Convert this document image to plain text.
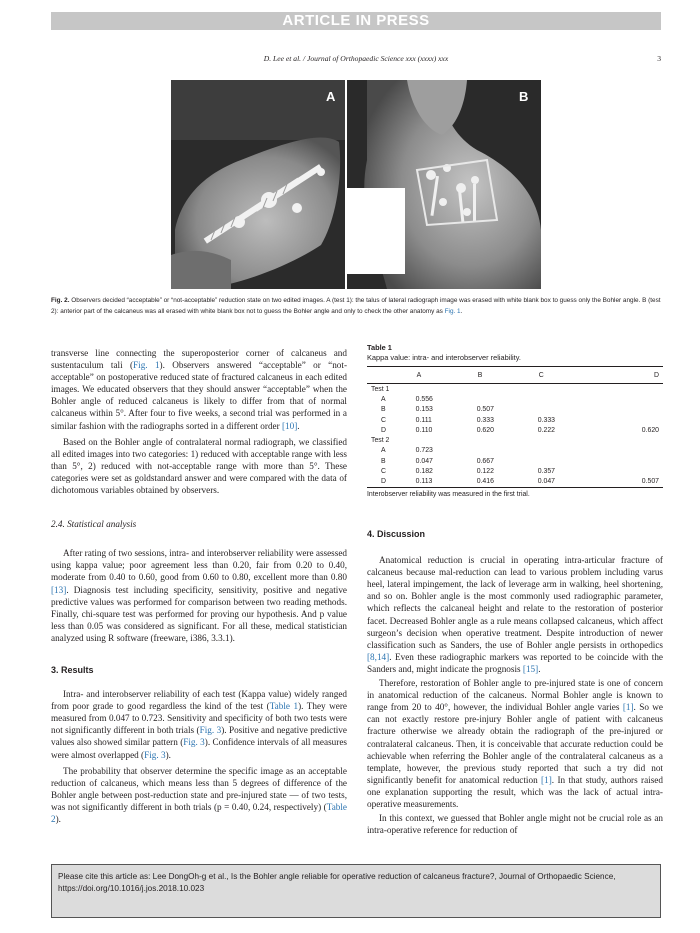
ARTICLE IN PRESS
D. Lee et al. / Journal of Orthopaedic Science xxx (xxxx) xxx	3
A	B
Fig. 2. Observers decided “acceptable” or “not-acceptable” reduction state on two edited images. A (test 1): the talus of lateral radiograph image was erased with white blank box to guess only the Bohler angle. B (test 2): anterior part of the calcaneus was all erased with white blank box not to guess the Bohler angle and only to check the other anatomy as Fig. 1.

transverse line connecting the superoposterior corner of calcaneus and sustentaculum tali (Fig. 1). Observers answered “acceptable” or “not-acceptable” on postoperative reduced state of fractured calcaneus in each edited images. We educated observers that they should answer “acceptable” when the Bohler angle of reduced calcaneus is likely to differ from that of normal calcaneus within 5°. After four to five weeks, a second trial was performed in a similar fashion with the radiographs sorted in a different order [10].

Based on the Bohler angle of contralateral normal radiograph, we classified all edited images into two categories: 1) reduced with acceptable range with less than 5°, 2) reduced with not-acceptable range with more than 5°. These categories were set as goldstandard answer and were compared with the data of dichotomous variables obtained by observers.

2.4. Statistical analysis

After rating of two sessions, intra- and interobserver reliability were assessed using kappa value; poor agreement less than 0.20, fair from 0.20 to 0.40, moderate from 0.40 to 0.60, good from 0.60 to 0.80, excellent more than 0.80 [13]. Diagnosis test including specificity, sensitivity, positive and negative predictive values was performed for comparison between two reading methods. Finally, chi-square test was performed for proving our hypothesis. And p value less than 0.05 was considered as significant. For all these, medical statistician analyzed using R software (freeware, i386, 3.3.1).

3. Results

Intra- and interobserver reliability of each test (Kappa value) widely ranged from poor grade to good regardless the kind of the test (Table 1). They were measured from 0.047 to 0.723. Sensitivity and specificity of both two tests were not significantly different in both trials (Fig. 3). Positive and negative predictive values also showed similar pattern (Fig. 3). Confidence intervals of all measures were almost overlapped (Fig. 3).

The probability that observer determine the specific image as an acceptable reduction of calcaneus, which means less than 5 degrees of difference of the Bohler angle between post-reduction state and pre-injured state — of two tests, was not significantly different in both trials (p = 0.40, 0.24, respectively) (Table 2).

Table 1
Kappa value: intra- and interobserver reliability.
	A	B	C	D
Test 1				
A	0.556			
B	0.153	0.507		
C	0.111	0.333	0.333	
D	0.110	0.620	0.222	0.620
Test 2				
A	0.723			
B	0.047	0.667		
C	0.182	0.122	0.357	
D	0.113	0.416	0.047	0.507
Interobserver reliability was measured in the first trial.

4. Discussion

Anatomical reduction is crucial in operating intra-articular fracture of calcaneus because mal-reduction can lead to various problem including varus heel, lateral impingement, the lack of leverage arm in walking, heel shortening, and so on. Bohler angle is the most commonly used radiographic parameter, which reflects the calcaneal height and relate to the restoration of posterior facet. Decreased Bohler angle as a rule means collapsed calcaneus, which affect surgeon’s decision when operative treatment. Despite introduction of newer classification such as Sanders, the use of Bohler angle persists in orthopedics [8,14]. Even these radiographic markers was reported to be coincide with the Sanders and, might indicate the prognosis [15].

Therefore, restoration of Bohler angle to pre-injured state is one of concern in anatomical reduction of the calcaneus. Normal Bohler angle is known to range from 20 to 40°, however, the individual Bohler angle varies [1]. So we can not exactly restore pre-injury Bohler angle of patient with calcaneus fracture otherwise we already obtain the radiograph of the pre-injured or contralateral calcaneus. Then, it is conceivable that accurate reduction could be achievable when referring the Bohler angle of the contralateral calcaneus as a template, however, the previous study reported that such a try did not significantly benefit for anatomical reduction [1]. In that study, authors raised one explanation supporting the result, which was the lack of actual intra-operative measurements.

In this context, we guessed that Bohler angle might not be crucial role as an intra-operative reference for reduction of

Please cite this article as: Lee DongOh-g et al., Is the Bohler angle reliable for operative reduction of calcaneus fracture?, Journal of Orthopaedic Science, https://doi.org/10.1016/j.jos.2018.10.023
